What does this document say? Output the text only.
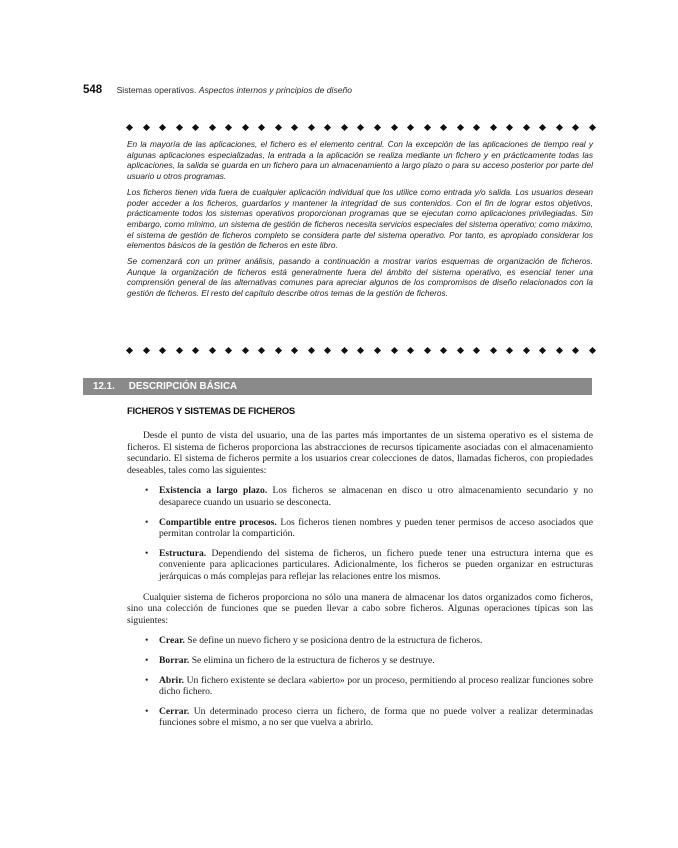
548 Sistemas operativos. Aspectos internos y principios de diseño

En la mayoría de las aplicaciones, el fichero es el elemento central. Con la excepción de las aplicaciones de tiempo real y algunas aplicaciones especializadas, la entrada a la aplicación se realiza mediante un fichero y en prácticamente todas las aplicaciones, la salida se guarda en un fichero para un almacenamiento a largo plazo o para su acceso posterior por parte del usuario u otros programas.

Los ficheros tienen vida fuera de cualquier aplicación individual que los utilice como entrada y/o salida. Los usuarios desean poder acceder a los ficheros, guardarlos y mantener la integridad de sus contenidos. Con el fin de lograr estos objetivos, prácticamente todos los sistemas operativos proporcionan programas que se ejecutan como aplicaciones privilegiadas. Sin embargo, como mínimo, un sistema de gestión de ficheros necesita servicios especiales del sistema operativo; como máximo, el sistema de gestión de ficheros completo se considera parte del sistema operativo. Por tanto, es apropiado considerar los elementos básicos de la gestión de ficheros en este libro.

Se comenzará con un primer análisis, pasando a continuación a mostrar varios esquemas de organización de ficheros. Aunque la organización de ficheros está generalmente fuera del ámbito del sistema operativo, es esencial tener una comprensión general de las alternativas comunes para apreciar algunos de los compromisos de diseño relacionados con la gestión de ficheros. El resto del capítulo describe otros temas de la gestión de ficheros.

12.1. DESCRIPCIÓN BÁSICA
FICHEROS Y SISTEMAS DE FICHEROS

Desde el punto de vista del usuario, una de las partes más importantes de un sistema operativo es el sistema de ficheros. El sistema de ficheros proporciona las abstracciones de recursos típicamente asociadas con el almacenamiento secundario. El sistema de ficheros permite a los usuarios crear colecciones de datos, llamadas ficheros, con propiedades deseables, tales como las siguientes:

• Existencia a largo plazo. Los ficheros se almacenan en disco u otro almacenamiento secundario y no desaparece cuando un usuario se desconecta.
• Compartible entre procesos. Los ficheros tienen nombres y pueden tener permisos de acceso asociados que permitan controlar la compartición.
• Estructura. Dependiendo del sistema de ficheros, un fichero puede tener una estructura interna que es conveniente para aplicaciones particulares. Adicionalmente, los ficheros se pueden organizar en estructuras jerárquicas o más complejas para reflejar las relaciones entre los mismos.

Cualquier sistema de ficheros proporciona no sólo una manera de almacenar los datos organizados como ficheros, sino una colección de funciones que se pueden llevar a cabo sobre ficheros. Algunas operaciones típicas son las siguientes:

• Crear. Se define un nuevo fichero y se posiciona dentro de la estructura de ficheros.
• Borrar. Se elimina un fichero de la estructura de ficheros y se destruye.
• Abrir. Un fichero existente se declara «abierto» por un proceso, permitiendo al proceso realizar funciones sobre dicho fichero.
• Cerrar. Un determinado proceso cierra un fichero, de forma que no puede volver a realizar determinadas funciones sobre el mismo, a no ser que vuelva a abrirlo.
